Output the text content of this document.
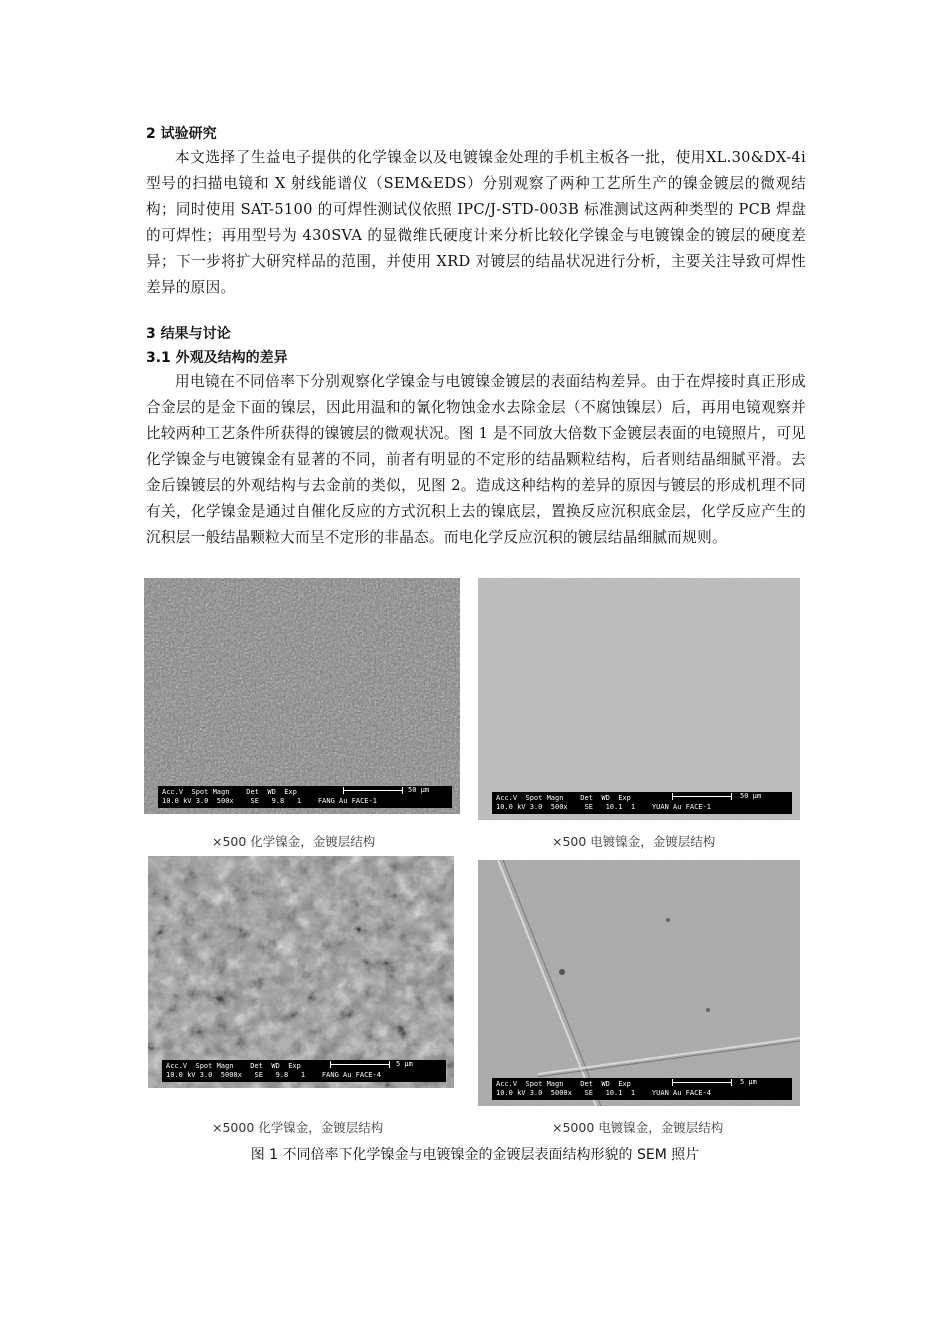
2 试验研究
本文选择了生益电子提供的化学镍金以及电镀镍金处理的手机主板各一批，使用XL.30&DX-4i 型号的扫描电镜和 X 射线能谱仪（SEM&EDS）分别观察了两种工艺所生产的镍金镀层的微观结构；同时使用 SAT-5100 的可焊性测试仪依照 IPC/J-STD-003B 标准测试这两种类型的 PCB 焊盘的可焊性；再用型号为 430SVA 的显微维氏硬度计来分析比较化学镍金与电镀镍金的镀层的硬度差异；下一步将扩大研究样品的范围，并使用 XRD 对镀层的结晶状况进行分析，主要关注导致可焊性差异的原因。
3 结果与讨论
3.1 外观及结构的差异
用电镜在不同倍率下分别观察化学镍金与电镀镍金镀层的表面结构差异。由于在焊接时真正形成合金层的是金下面的镍层，因此用温和的氰化物蚀金水去除金层（不腐蚀镍层）后，再用电镜观察并比较两种工艺条件所获得的镍镀层的微观状况。图 1 是不同放大倍数下金镀层表面的电镜照片，可见化学镍金与电镀镍金有显著的不同，前者有明显的不定形的结晶颗粒结构，后者则结晶细腻平滑。去金后镍镀层的外观结构与去金前的类似，见图 2。造成这种结构的差异的原因与镀层的形成机理不同有关，化学镍金是通过自催化反应的方式沉积上去的镍底层，置换反应沉积底金层，化学反应产生的沉积层一般结晶颗粒大而呈不定形的非晶态。而电化学反应沉积的镀层结晶细腻而规则。
Acc.V  Spot Magn    Det  WD  Exp
10.0 kV 3.0  500x    SE   9.8   1    FANG Au FACE-1
50 μm
Acc.V  Spot Magn    Det  WD  Exp
10.0 kV 3.0  500x    SE   10.1  1    YUAN Au FACE-1
50 μm
×500 化学镍金，金镀层结构	×500 电镀镍金，金镀层结构
Acc.V  Spot Magn    Det  WD  Exp
10.0 kV 3.0  5000x   SE   9.8   1    FANG Au FACE-4
5 μm
Acc.V  Spot Magn    Det  WD  Exp
10.0 kV 3.0  5000x   SE   10.1  1    YUAN Au FACE-4
5 μm
×5000 化学镍金，金镀层结构	×5000 电镀镍金，金镀层结构
图 1 不同倍率下化学镍金与电镀镍金的金镀层表面结构形貌的 SEM 照片
